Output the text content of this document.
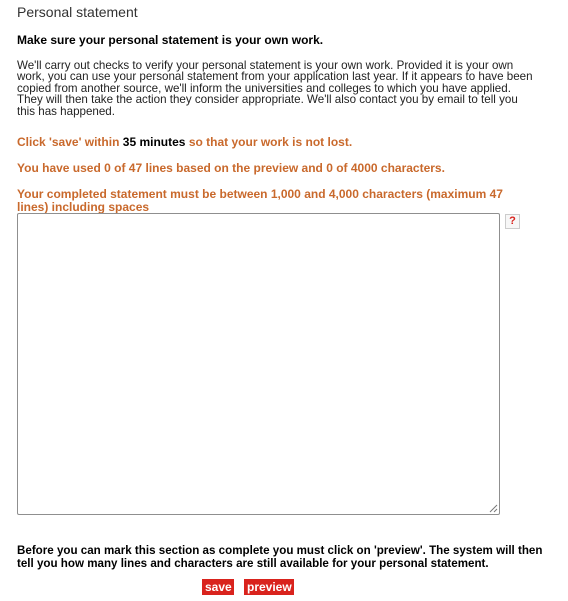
Personal statement
Make sure your personal statement is your own work.
We'll carry out checks to verify your personal statement is your own work. Provided it is your own work, you can use your personal statement from your application last year. If it appears to have been copied from another source, we'll inform the universities and colleges to which you have applied. They will then take the action they consider appropriate. We'll also contact you by email to tell you this has happened.
Click 'save' within 35 minutes so that your work is not lost.
You have used 0 of 47 lines based on the preview and 0 of 4000 characters.
Your completed statement must be between 1,000 and 4,000 characters (maximum 47 lines) including spaces
?
Before you can mark this section as complete you must click on 'preview'. The system will then tell you how many lines and characters are still available for your personal statement.
save preview
